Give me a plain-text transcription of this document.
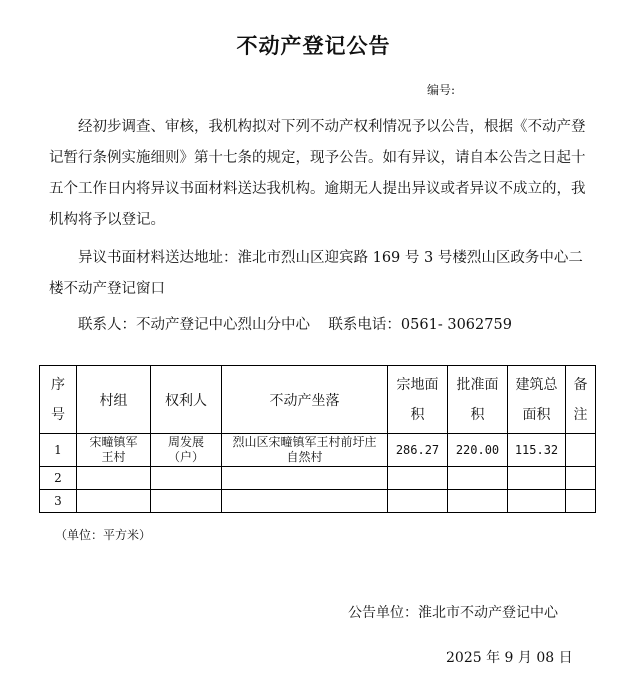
不动产登记公告
编号:

经初步调查、审核，我机构拟对下列不动产权利情况予以公告，根据《不动产登记暂行条例实施细则》第十七条的规定，现予公告。如有异议，请自本公告之日起十五个工作日内将异议书面材料送达我机构。逾期无人提出异议或者异议不成立的，我机构将予以登记。

异议书面材料送达地址：淮北市烈山区迎宾路 169 号 3 号楼烈山区政务中心二楼不动产登记窗口

联系人：不动产登记中心烈山分中心    联系电话：0561- 3062759

序号	村组	权利人	不动产坐落	宗地面积	批准面积	建筑总面积	备注
1	宋疃镇军王村	周发展（户）	烈山区宋疃镇军王村前圩庄自然村	286.27	220.00	115.32	
2							
3							
（单位：平方米）
公告单位：淮北市不动产登记中心
2025 年 9 月 08 日
